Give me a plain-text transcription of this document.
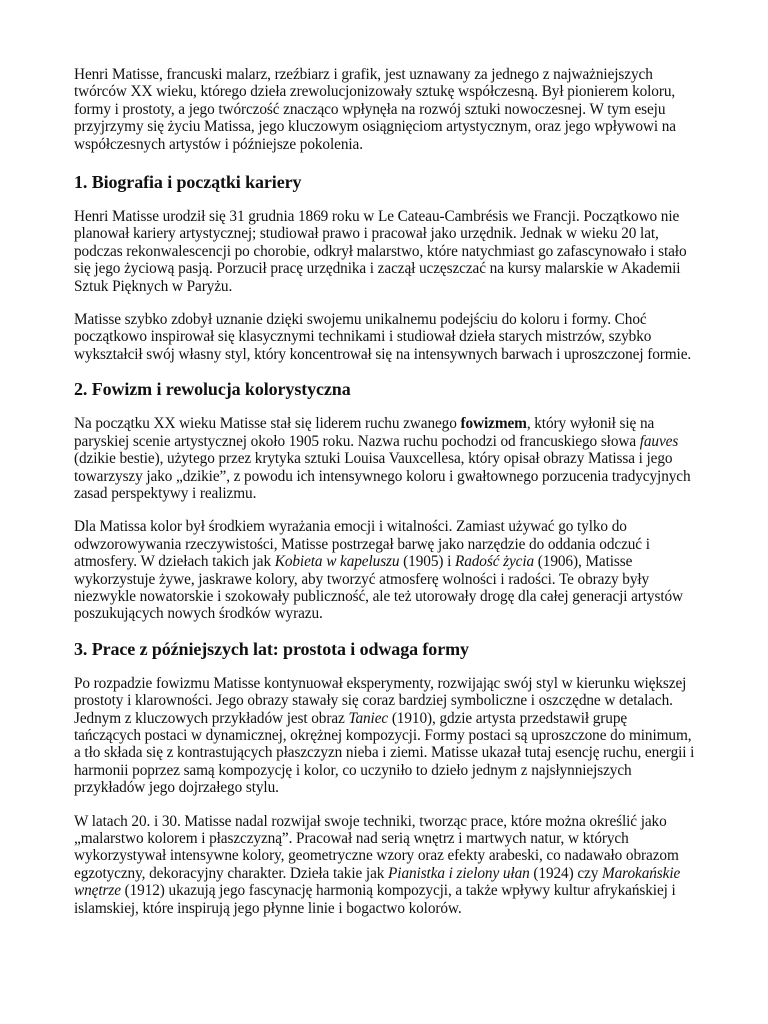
Henri Matisse, francuski malarz, rzeźbiarz i grafik, jest uznawany za jednego z najważniejszych twórców XX wieku, którego dzieła zrewolucjonizowały sztukę współczesną. Był pionierem koloru, formy i prostoty, a jego twórczość znacząco wpłynęła na rozwój sztuki nowoczesnej. W tym eseju przyjrzymy się życiu Matissa, jego kluczowym osiągnięciom artystycznym, oraz jego wpływowi na współczesnych artystów i późniejsze pokolenia.

1. Biografia i początki kariery

Henri Matisse urodził się 31 grudnia 1869 roku w Le Cateau-Cambrésis we Francji. Początkowo nie planował kariery artystycznej; studiował prawo i pracował jako urzędnik. Jednak w wieku 20 lat, podczas rekonwalescencji po chorobie, odkrył malarstwo, które natychmiast go zafascynowało i stało się jego życiową pasją. Porzucił pracę urzędnika i zaczął uczęszczać na kursy malarskie w Akademii Sztuk Pięknych w Paryżu.

Matisse szybko zdobył uznanie dzięki swojemu unikalnemu podejściu do koloru i formy. Choć początkowo inspirował się klasycznymi technikami i studiował dzieła starych mistrzów, szybko wykształcił swój własny styl, który koncentrował się na intensywnych barwach i uproszczonej formie.

2. Fowizm i rewolucja kolorystyczna

Na początku XX wieku Matisse stał się liderem ruchu zwanego fowizmem, który wyłonił się na paryskiej scenie artystycznej około 1905 roku. Nazwa ruchu pochodzi od francuskiego słowa fauves (dzikie bestie), użytego przez krytyka sztuki Louisa Vauxcellesa, który opisał obrazy Matissa i jego towarzyszy jako „dzikie”, z powodu ich intensywnego koloru i gwałtownego porzucenia tradycyjnych zasad perspektywy i realizmu.

Dla Matissa kolor był środkiem wyrażania emocji i witalności. Zamiast używać go tylko do odwzorowywania rzeczywistości, Matisse postrzegał barwę jako narzędzie do oddania odczuć i atmosfery. W dziełach takich jak Kobieta w kapeluszu (1905) i Radość życia (1906), Matisse wykorzystuje żywe, jaskrawe kolory, aby tworzyć atmosferę wolności i radości. Te obrazy były niezwykle nowatorskie i szokowały publiczność, ale też utorowały drogę dla całej generacji artystów poszukujących nowych środków wyrazu.

3. Prace z późniejszych lat: prostota i odwaga formy

Po rozpadzie fowizmu Matisse kontynuował eksperymenty, rozwijając swój styl w kierunku większej prostoty i klarowności. Jego obrazy stawały się coraz bardziej symboliczne i oszczędne w detalach. Jednym z kluczowych przykładów jest obraz Taniec (1910), gdzie artysta przedstawił grupę tańczących postaci w dynamicznej, okrężnej kompozycji. Formy postaci są uproszczone do minimum, a tło składa się z kontrastujących płaszczyzn nieba i ziemi. Matisse ukazał tutaj esencję ruchu, energii i harmonii poprzez samą kompozycję i kolor, co uczyniło to dzieło jednym z najsłynniejszych przykładów jego dojrzałego stylu.

W latach 20. i 30. Matisse nadal rozwijał swoje techniki, tworząc prace, które można określić jako „malarstwo kolorem i płaszczyzną”. Pracował nad serią wnętrz i martwych natur, w których wykorzystywał intensywne kolory, geometryczne wzory oraz efekty arabeski, co nadawało obrazom egzotyczny, dekoracyjny charakter. Dzieła takie jak Pianistka i zielony ułan (1924) czy Marokańskie wnętrze (1912) ukazują jego fascynację harmonią kompozycji, a także wpływy kultur afrykańskiej i islamskiej, które inspirują jego płynne linie i bogactwo kolorów.
